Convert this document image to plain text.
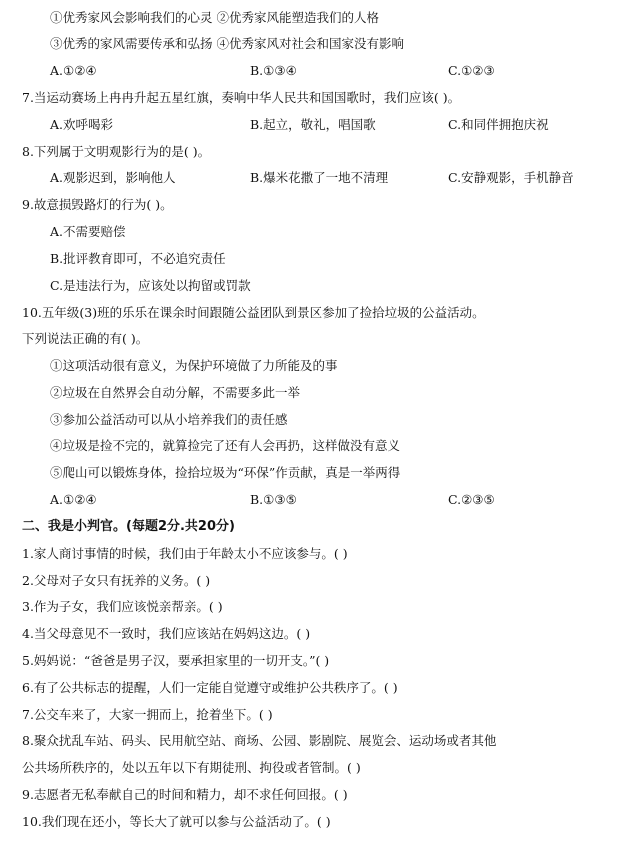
①优秀家风会影响我们的心灵 ②优秀家风能塑造我们的人格
③优秀的家风需要传承和弘扬 ④优秀家风对社会和国家没有影响
A.①②④	B.①③④	C.①②③
7.当运动赛场上冉冉升起五星红旗，奏响中华人民共和国国歌时，我们应该( )。
A.欢呼喝彩	B.起立，敬礼，唱国歌	C.和同伴拥抱庆祝
8.下列属于文明观影行为的是( )。
A.观影迟到，影响他人	B.爆米花撒了一地不清理	C.安静观影，手机静音
9.故意损毁路灯的行为( )。
A.不需要赔偿
B.批评教育即可，不必追究责任
C.是违法行为，应该处以拘留或罚款
10.五年级(3)班的乐乐在课余时间跟随公益团队到景区参加了捡拾垃圾的公益活动。
下列说法正确的有( )。
①这项活动很有意义，为保护环境做了力所能及的事
②垃圾在自然界会自动分解，不需要多此一举
③参加公益活动可以从小培养我们的责任感
④垃圾是捡不完的，就算捡完了还有人会再扔，这样做没有意义
⑤爬山可以锻炼身体，捡拾垃圾为“环保”作贡献，真是一举两得
A.①②④	B.①③⑤	C.②③⑤
二、我是小判官。(每题2分.共20分)
1.家人商讨事情的时候，我们由于年龄太小不应该参与。( )
2.父母对子女只有抚养的义务。( )
3.作为子女，我们应该悦亲帮亲。( )
4.当父母意见不一致时，我们应该站在妈妈这边。( )
5.妈妈说：“爸爸是男子汉，要承担家里的一切开支。”( )
6.有了公共标志的提醒，人们一定能自觉遵守或维护公共秩序了。( )
7.公交车来了，大家一拥而上，抢着坐下。( )
8.聚众扰乱车站、码头、民用航空站、商场、公园、影剧院、展览会、运动场或者其他
公共场所秩序的，处以五年以下有期徒刑、拘役或者管制。( )
9.志愿者无私奉献自己的时间和精力，却不求任何回报。( )
10.我们现在还小，等长大了就可以参与公益活动了。( )
